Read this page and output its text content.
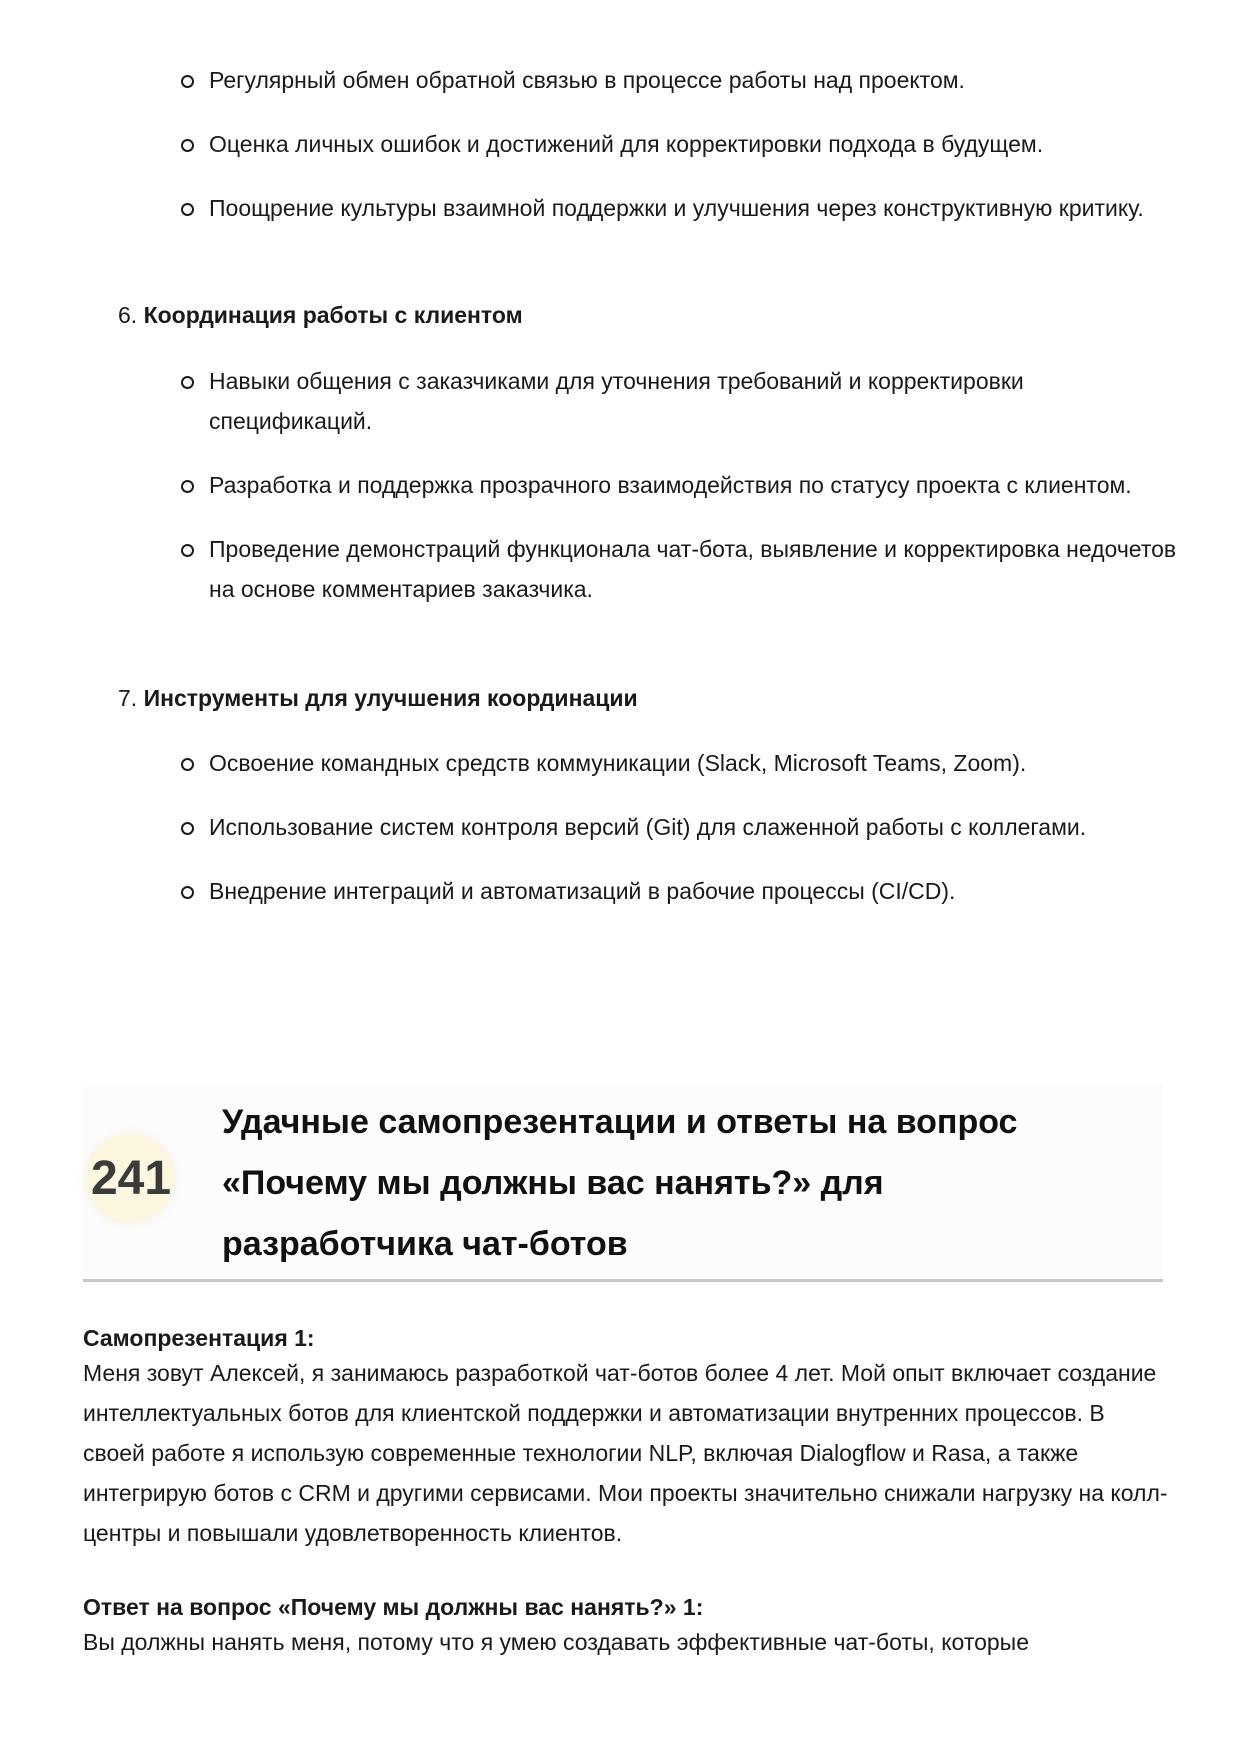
Регулярный обмен обратной связью в процессе работы над проектом.
Оценка личных ошибок и достижений для корректировки подхода в будущем.
Поощрение культуры взаимной поддержки и улучшения через конструктивную критику.
6. Координация работы с клиентом
Навыки общения с заказчиками для уточнения требований и корректировки спецификаций.
Разработка и поддержка прозрачного взаимодействия по статусу проекта с клиентом.
Проведение демонстраций функционала чат-бота, выявление и корректировка недочетов на основе комментариев заказчика.
7. Инструменты для улучшения координации
Освоение командных средств коммуникации (Slack, Microsoft Teams, Zoom).
Использование систем контроля версий (Git) для слаженной работы с коллегами.
Внедрение интеграций и автоматизаций в рабочие процессы (CI/CD).
241
Удачные самопрезентации и ответы на вопрос
«Почему мы должны вас нанять?» для
разработчика чат-ботов
Самопрезентация 1:

Меня зовут Алексей, я занимаюсь разработкой чат-ботов более 4 лет. Мой опыт включает создание интеллектуальных ботов для клиентской поддержки и автоматизации внутренних процессов. В своей работе я использую современные технологии NLP, включая Dialogflow и Rasa, а также интегрирую ботов с CRM и другими сервисами. Мои проекты значительно снижали нагрузку на колл-центры и повышали удовлетворенность клиентов.

Ответ на вопрос «Почему мы должны вас нанять?» 1:

Вы должны нанять меня, потому что я умею создавать эффективные чат-боты, которые
